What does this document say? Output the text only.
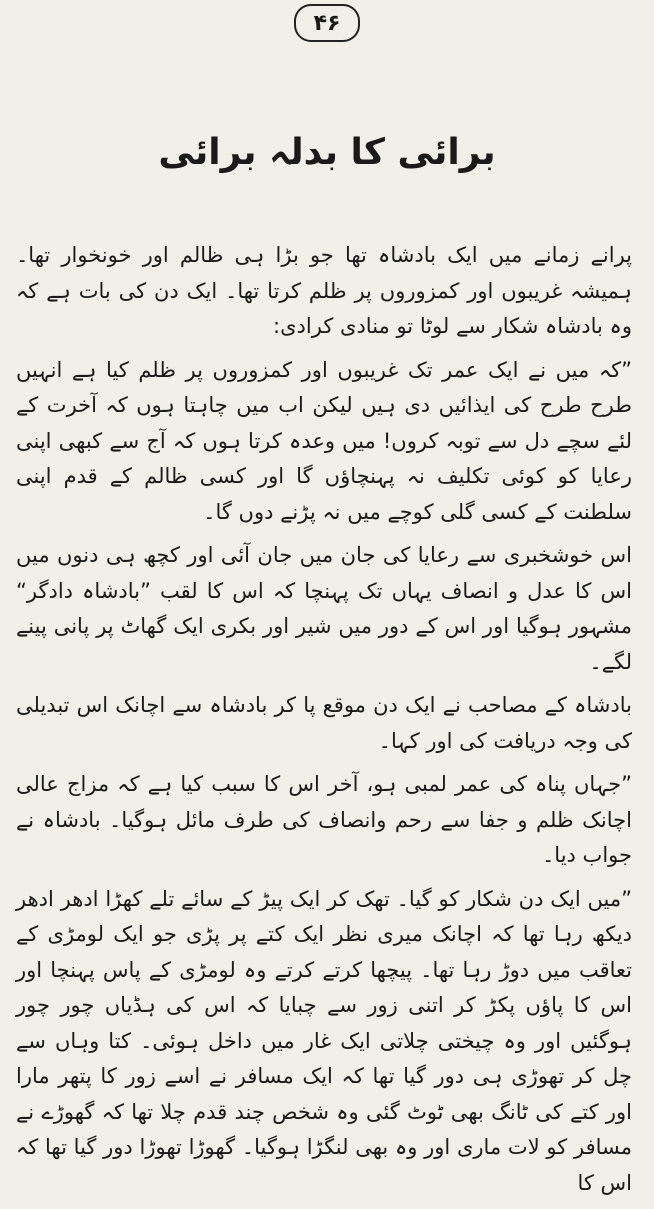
۴۶
برائی کا بدلہ برائی

پرانے زمانے میں ایک بادشاہ تھا جو بڑا ہی ظالم اور خونخوار تھا۔ ہمیشہ غریبوں اور کمزوروں پر ظلم کرتا تھا۔ ایک دن کی بات ہے کہ وہ بادشاہ شکار سے لوٹا تو منادی کرادی:

”کہ میں نے ایک عمر تک غریبوں اور کمزوروں پر ظلم کیا ہے انہیں طرح طرح کی ایذائیں دی ہیں لیکن اب میں چاہتا ہوں کہ آخرت کے لئے سچے دل سے توبہ کروں! میں وعدہ کرتا ہوں کہ آج سے کبھی اپنی رعایا کو کوئی تکلیف نہ پہنچاؤں گا اور کسی ظالم کے قدم اپنی سلطنت کے کسی گلی کوچے میں نہ پڑنے دوں گا۔

اس خوشخبری سے رعایا کی جان میں جان آئی اور کچھ ہی دنوں میں اس کا عدل و انصاف یہاں تک پہنچا کہ اس کا لقب ”بادشاہ دادگر“ مشہور ہوگیا اور اس کے دور میں شیر اور بکری ایک گھاٹ پر پانی پینے لگے۔

بادشاہ کے مصاحب نے ایک دن موقع پا کر بادشاہ سے اچانک اس تبدیلی کی وجہ دریافت کی اور کہا۔

”جہاں پناہ کی عمر لمبی ہو، آخر اس کا سبب کیا ہے کہ مزاج عالی اچانک ظلم و جفا سے رحم وانصاف کی طرف مائل ہوگیا۔ بادشاہ نے جواب دیا۔

”میں ایک دن شکار کو گیا۔ تھک کر ایک پیڑ کے سائے تلے کھڑا ادھر ادھر دیکھ رہا تھا کہ اچانک میری نظر ایک کتے پر پڑی جو ایک لومڑی کے تعاقب میں دوڑ رہا تھا۔ پیچھا کرتے کرتے وہ لومڑی کے پاس پہنچا اور اس کا پاؤں پکڑ کر اتنی زور سے چبایا کہ اس کی ہڈیاں چور چور ہوگئیں اور وہ چیختی چلاتی ایک غار میں داخل ہوئی۔ کتا وہاں سے چل کر تھوڑی ہی دور گیا تھا کہ ایک مسافر نے اسے زور کا پتھر مارا اور کتے کی ٹانگ بھی ٹوٹ گئی وہ شخص چند قدم چلا تھا کہ گھوڑے نے مسافر کو لات ماری اور وہ بھی لنگڑا ہوگیا۔ گھوڑا تھوڑا دور گیا تھا کہ اس کا
